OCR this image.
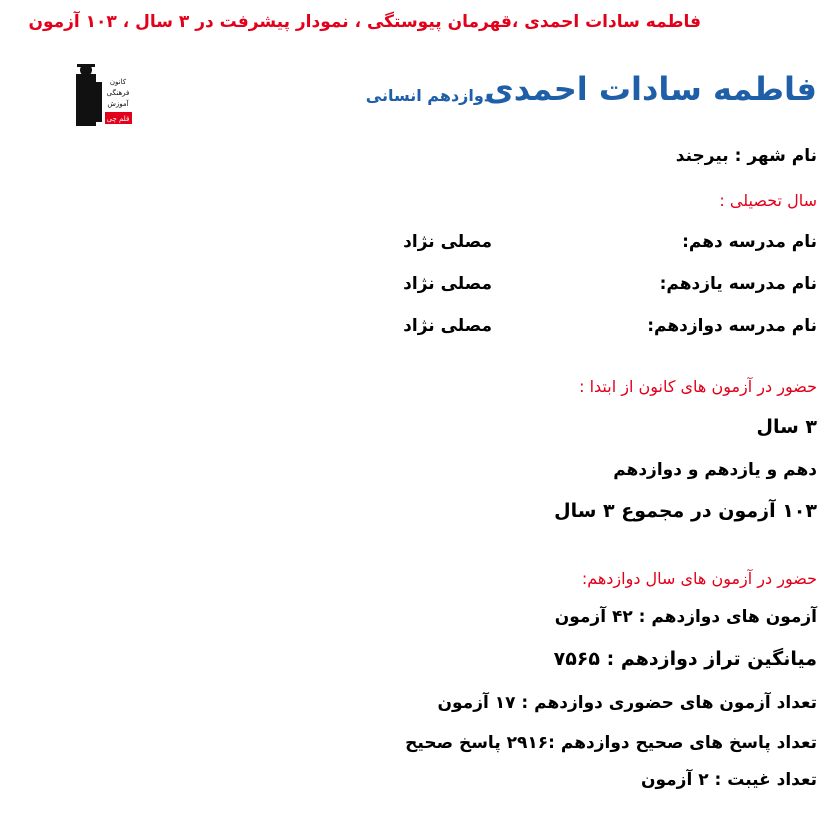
فاطمه سادات احمدی ،قهرمان پیوستگی ، نمودار پیشرفت در ۳ سال ، ۱۰۳ آزمون
فاطمه سادات احمدی
دوازدهم انسانی
کانون
فرهنگی
آموزش
قلم چی
نام شهر : بیرجند
سال تحصیلی :
نام مدرسه دهم:
مصلی نژاد
نام مدرسه یازدهم:
مصلی نژاد
نام مدرسه دوازدهم:
مصلی نژاد
حضور در آزمون های کانون از ابتدا :
۳ سال
دهم و یازدهم و دوازدهم
۱۰۳ آزمون در مجموع ۳ سال
حضور در آزمون های سال دوازدهم:
آزمون های دوازدهم : ۴۲ آزمون
میانگین تراز دوازدهم : ۷۵۶۵
تعداد آزمون های حضوری دوازدهم : ۱۷ آزمون
تعداد پاسخ های صحیح دوازدهم :۲۹۱۶ پاسخ صحیح
تعداد غیبت : ۲ آزمون
